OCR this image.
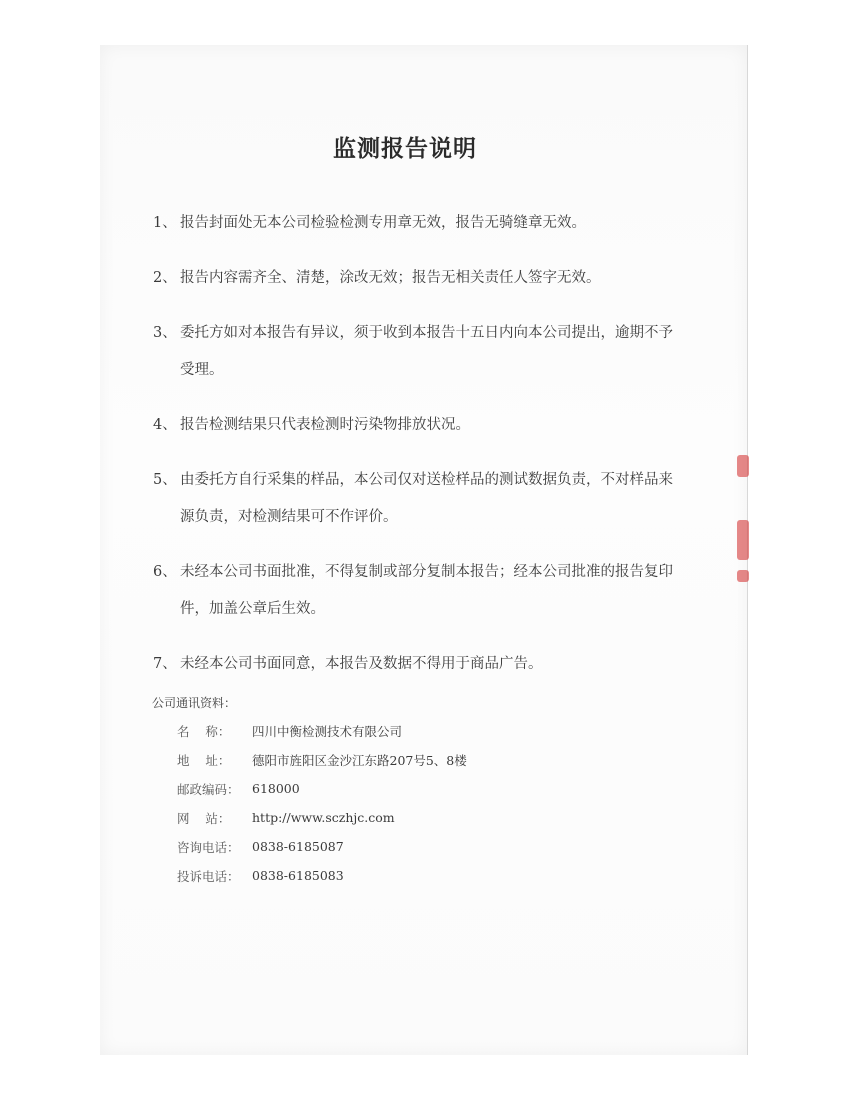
监测报告说明
1、 报告封面处无本公司检验检测专用章无效，报告无骑缝章无效。
2、 报告内容需齐全、清楚，涂改无效；报告无相关责任人签字无效。
3、 委托方如对本报告有异议，须于收到本报告十五日内向本公司提出，逾期不予受理。
4、 报告检测结果只代表检测时污染物排放状况。
5、 由委托方自行采集的样品，本公司仅对送检样品的测试数据负责，不对样品来源负责，对检测结果可不作评价。
6、 未经本公司书面批准，不得复制或部分复制本报告；经本公司批准的报告复印件，加盖公章后生效。
7、 未经本公司书面同意，本报告及数据不得用于商品广告。
公司通讯资料：
名    称：	四川中衡检测技术有限公司
地    址：	德阳市旌阳区金沙江东路207号5、8楼
邮政编码： 618000
网    站：	http://www.sczhjc.com
咨询电话： 0838-6185087
投诉电话： 0838-6185083
